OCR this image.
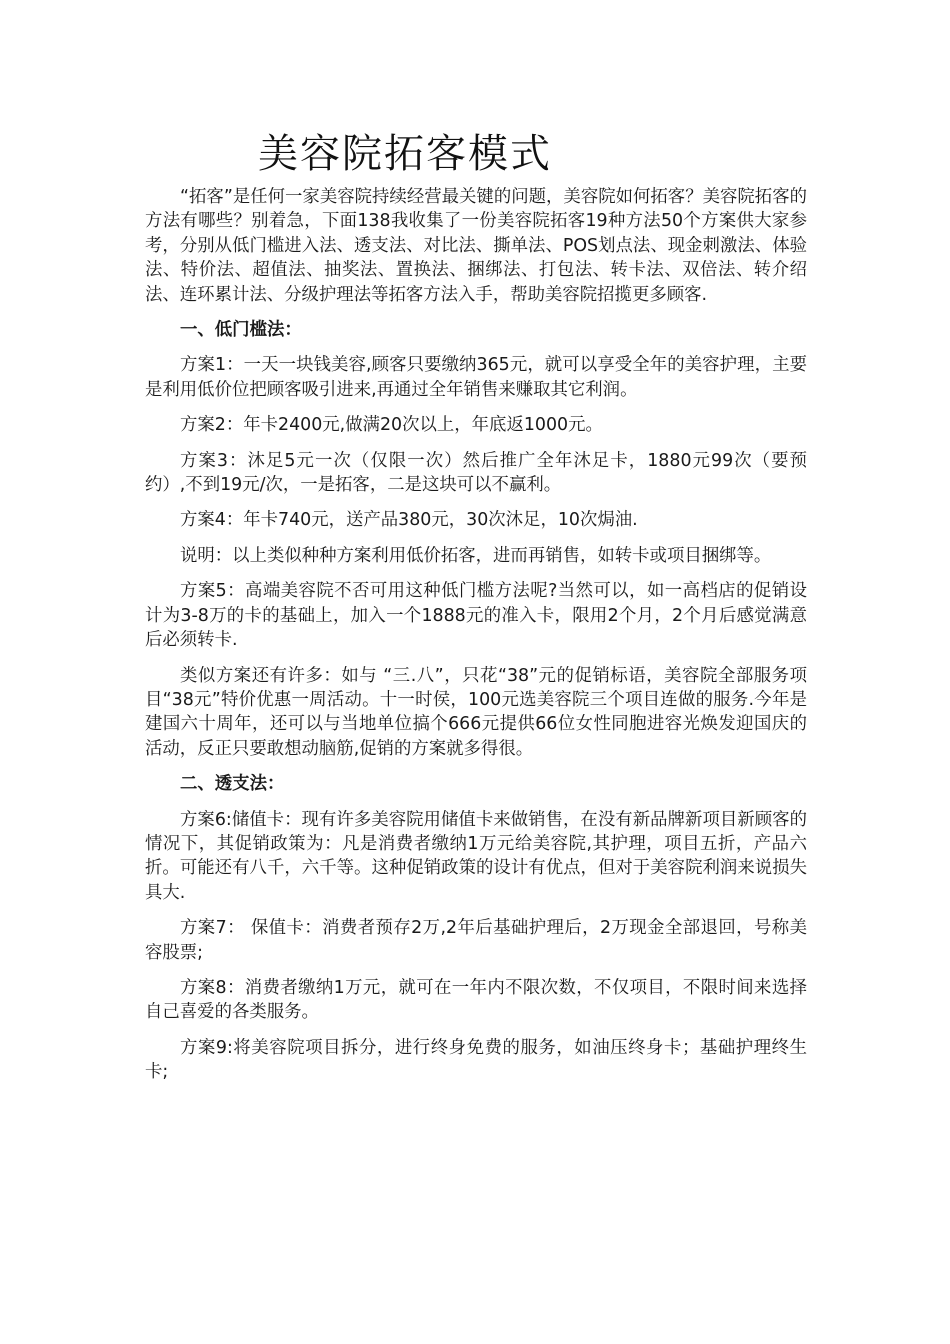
美容院拓客模式

“拓客”是任何一家美容院持续经营最关键的问题，美容院如何拓客？美容院拓客的方法有哪些？别着急，下面138我收集了一份美容院拓客19种方法50个方案供大家参考，分别从低门槛进入法、透支法、对比法、撕单法、POS划点法、现金刺激法、体验法、特价法、超值法、抽奖法、置换法、捆绑法、打包法、转卡法、双倍法、转介绍法、连环累计法、分级护理法等拓客方法入手，帮助美容院招揽更多顾客.

一、低门槛法：

方案1：一天一块钱美容,顾客只要缴纳365元，就可以享受全年的美容护理，主要是利用低价位把顾客吸引进来,再通过全年销售来赚取其它利润。

方案2：年卡2400元,做满20次以上，年底返1000元。

方案3：沐足5元一次（仅限一次）然后推广全年沐足卡，1880元99次（要预约）,不到19元/次，一是拓客，二是这块可以不赢利。

方案4：年卡740元，送产品380元，30次沐足，10次焗油.

说明：以上类似种种方案利用低价拓客，进而再销售，如转卡或项目捆绑等。

方案5：高端美容院不否可用这种低门槛方法呢?当然可以，如一高档店的促销设计为3-8万的卡的基础上，加入一个1888元的准入卡，限用2个月，2个月后感觉满意后必须转卡.

类似方案还有许多：如与 “三.八”，只花“38”元的促销标语，美容院全部服务项目“38元”特价优惠一周活动。十一时侯，100元选美容院三个项目连做的服务.今年是建国六十周年，还可以与当地单位搞个666元提供66位女性同胞进容光焕发迎国庆的活动，反正只要敢想动脑筋,促销的方案就多得很。

二、透支法：

方案6:储值卡：现有许多美容院用储值卡来做销售，在没有新品牌新项目新顾客的情况下，其促销政策为：凡是消费者缴纳1万元给美容院,其护理，项目五折，产品六折。可能还有八千，六千等。这种促销政策的设计有优点，但对于美容院利润来说损失具大.

方案7： 保值卡：消费者预存2万,2年后基础护理后，2万现金全部退回，号称美容股票;

方案8：消费者缴纳1万元，就可在一年内不限次数，不仅项目，不限时间来选择自己喜爱的各类服务。

方案9:将美容院项目拆分，进行终身免费的服务，如油压终身卡；基础护理终生卡;
